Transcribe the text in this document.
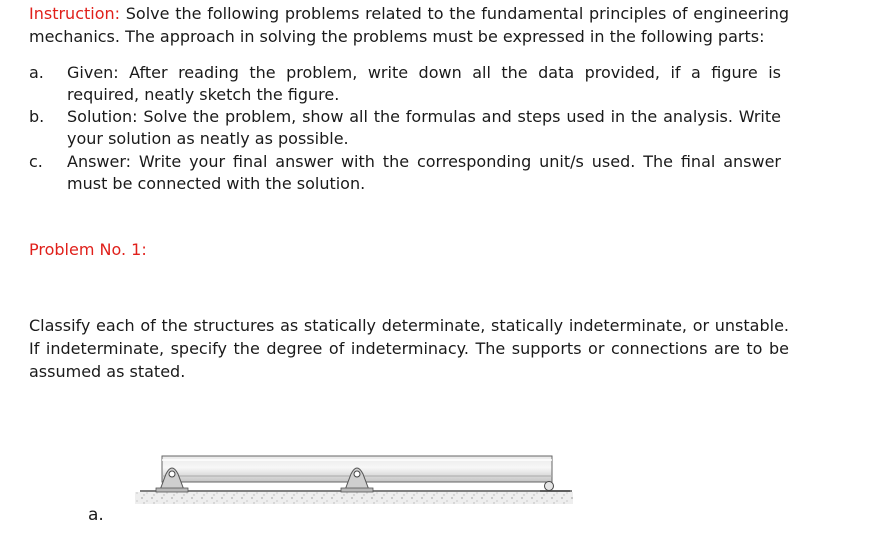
Instruction: Solve the following problems related to the fundamental principles of engineering mechanics. The approach in solving the problems must be expressed in the following parts:
a.	Given: After reading the problem, write down all the data provided, if a figure is required, neatly sketch the figure.
b.	Solution: Solve the problem, show all the formulas and steps used in the analysis. Write your solution as neatly as possible.
c.	Answer: Write your final answer with the corresponding unit/s used. The final answer must be connected with the solution.
Problem No. 1:
Classify each of the structures as statically determinate, statically indeterminate, or unstable. If indeterminate, specify the degree of indeterminacy. The supports or connections are to be assumed as stated.
a.
